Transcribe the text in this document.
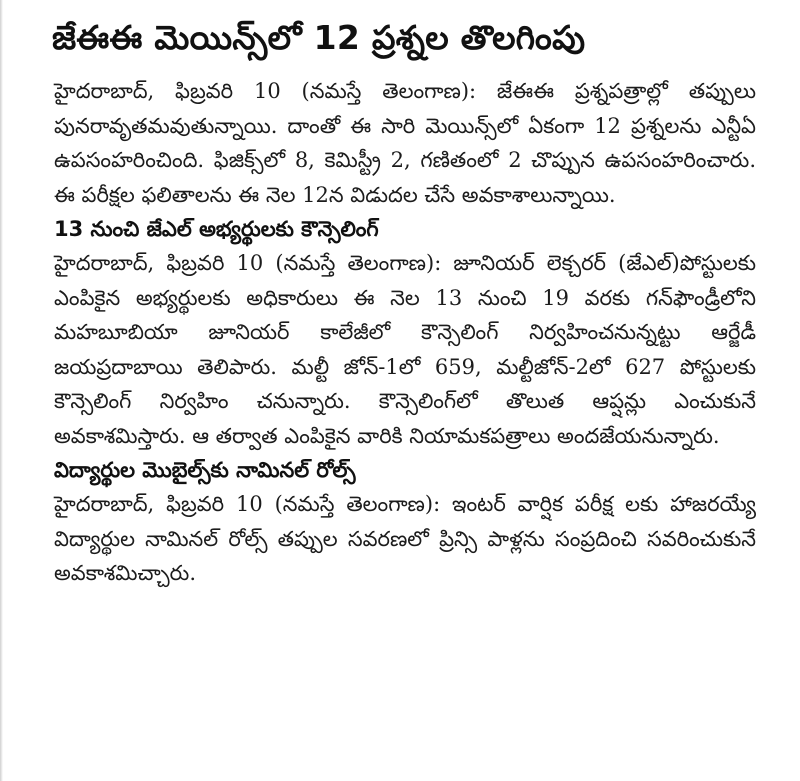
జేఈఈ మెయిన్స్‌లో 12 ప్రశ్నల తొలగింపు
హైదరాబాద్, ఫిబ్రవరి 10 (నమస్తే తెలంగాణ): జేఈఈ ప్రశ్నపత్రాల్లో తప్పులు పునరావృతమవుతున్నాయి. దాంతో ఈ సారి మెయిన్స్‌లో ఏకంగా 12 ప్రశ్నలను ఎన్టీఏ ఉపసంహరించింది. ఫిజిక్స్‌లో 8, కెమిస్ట్రీ 2, గణితంలో 2 చొప్పున ఉపసంహరించారు. ఈ పరీక్షల ఫలితాలను ఈ నెల 12న విడుదల చేసే అవకాశాలున్నాయి.
13 నుంచి జేఎల్ అభ్యర్థులకు కౌన్సెలింగ్
హైదరాబాద్, ఫిబ్రవరి 10 (నమస్తే తెలంగాణ): జూనియర్ లెక్చరర్ (జేఎల్)పోస్టులకు ఎంపికైన అభ్యర్థులకు అధికారులు ఈ నెల 13 నుంచి 19 వరకు గన్‌ఫౌండ్రీలోని మహబూబియా జూనియర్ కాలేజీలో కౌన్సెలింగ్ నిర్వహించనున్నట్టు ఆర్జేడీ జయప్రదాబాయి తెలిపారు. మల్టీ జోన్-1లో 659, మల్టీజోన్-2లో 627 పోస్టులకు కౌన్సెలింగ్ నిర్వహిం చనున్నారు. కౌన్సెలింగ్‌లో తొలుత ఆప్షన్లు ఎంచుకునే అవకాశమిస్తారు. ఆ తర్వాత ఎంపికైన వారికి నియామకపత్రాలు అందజేయనున్నారు.
విద్యార్థుల మొబైల్స్‌కు నామినల్ రోల్స్
హైదరాబాద్, ఫిబ్రవరి 10 (నమస్తే తెలంగాణ): ఇంటర్ వార్షిక పరీక్ష లకు హాజరయ్యే విద్యార్థుల నామినల్ రోల్స్ తప్పుల సవరణలో ప్రిన్సి పాళ్లను సంప్రదించి సవరించుకునే అవకాశమిచ్చారు.
